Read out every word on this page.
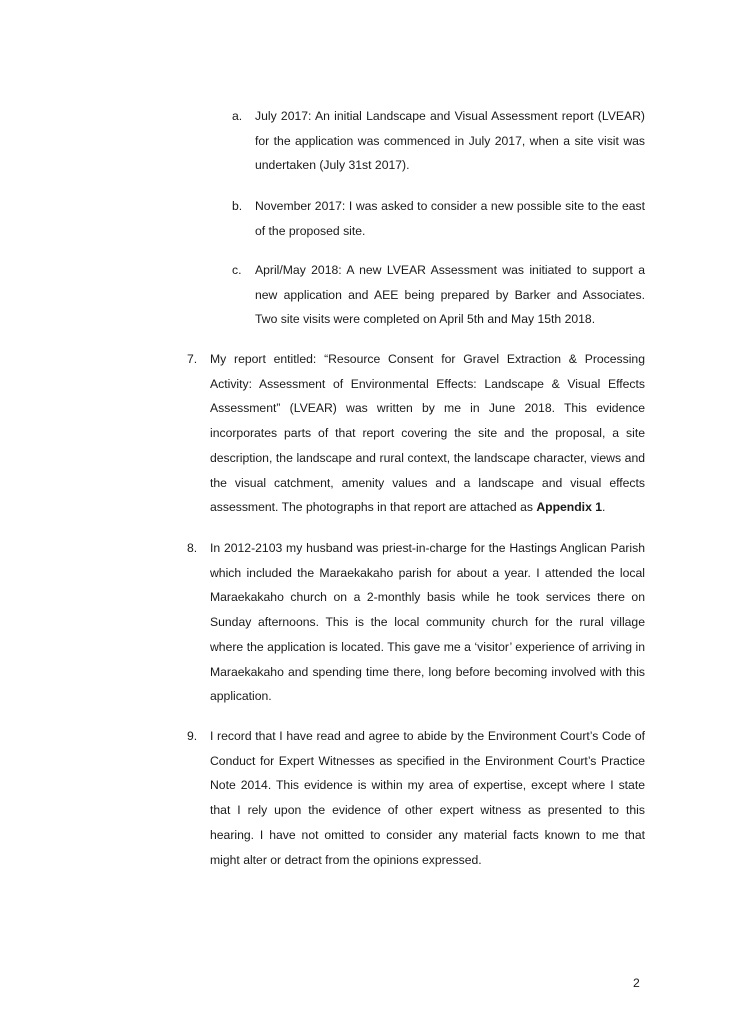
a. July 2017: An initial Landscape and Visual Assessment report (LVEAR) for the application was commenced in July 2017, when a site visit was undertaken (July 31st 2017).
b. November 2017: I was asked to consider a new possible site to the east of the proposed site.
c. April/May 2018: A new LVEAR Assessment was initiated to support a new application and AEE being prepared by Barker and Associates. Two site visits were completed on April 5th and May 15th 2018.
7. My report entitled: “Resource Consent for Gravel Extraction & Processing Activity: Assessment of Environmental Effects: Landscape & Visual Effects Assessment” (LVEAR) was written by me in June 2018. This evidence incorporates parts of that report covering the site and the proposal, a site description, the landscape and rural context, the landscape character, views and the visual catchment, amenity values and a landscape and visual effects assessment. The photographs in that report are attached as Appendix 1.
8. In 2012-2103 my husband was priest-in-charge for the Hastings Anglican Parish which included the Maraekakaho parish for about a year. I attended the local Maraekakaho church on a 2-monthly basis while he took services there on Sunday afternoons. This is the local community church for the rural village where the application is located. This gave me a ‘visitor’ experience of arriving in Maraekakaho and spending time there, long before becoming involved with this application.
9. I record that I have read and agree to abide by the Environment Court’s Code of Conduct for Expert Witnesses as specified in the Environment Court’s Practice Note 2014. This evidence is within my area of expertise, except where I state that I rely upon the evidence of other expert witness as presented to this hearing. I have not omitted to consider any material facts known to me that might alter or detract from the opinions expressed.
2
